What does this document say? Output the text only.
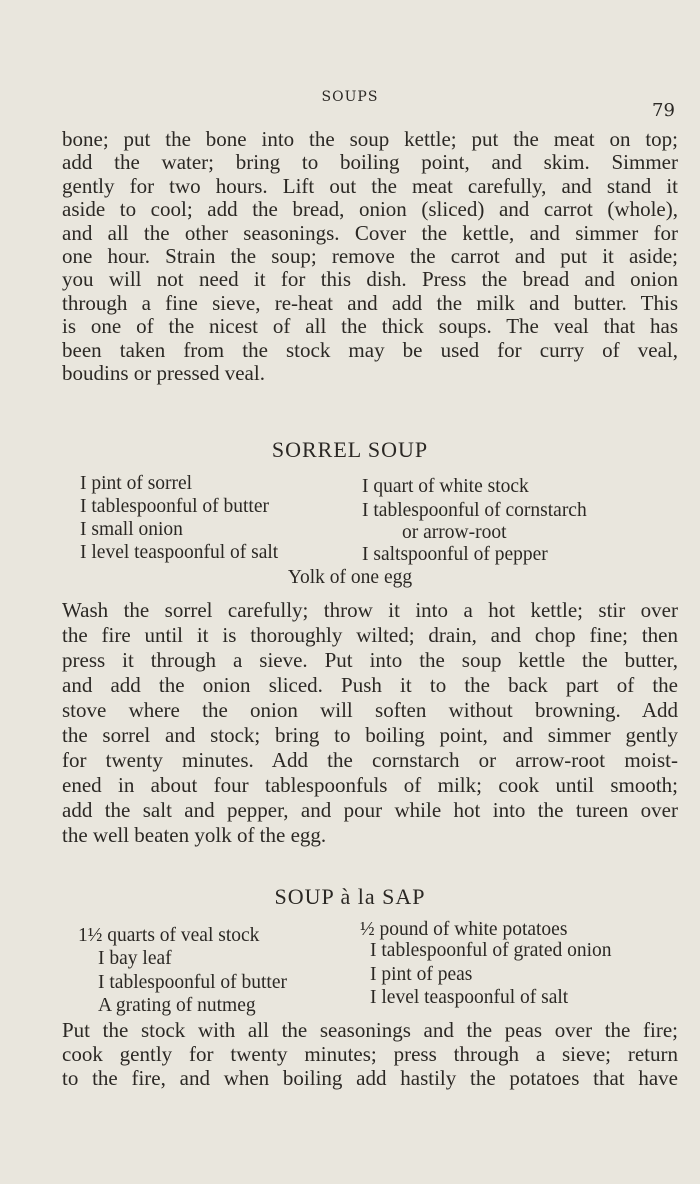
SOUPS
79
bone; put the bone into the soup kettle; put the meat on top;
add the water; bring to boiling point, and skim. Simmer
gently for two hours. Lift out the meat carefully, and stand it
aside to cool; add the bread, onion (sliced) and carrot (whole),
and all the other seasonings. Cover the kettle, and simmer for
one hour. Strain the soup; remove the carrot and put it aside;
you will not need it for this dish. Press the bread and onion
through a fine sieve, re-heat and add the milk and butter. This
is one of the nicest of all the thick soups. The veal that has
been taken from the stock may be used for curry of veal,
boudins or pressed veal.
SORREL SOUP
I pint of sorrel
I tablespoonful of butter
I small onion
I level teaspoonful of salt
I quart of white stock
I tablespoonful of cornstarch
or arrow-root
I saltspoonful of pepper
Yolk of one egg
Wash the sorrel carefully; throw it into a hot kettle; stir over
the fire until it is thoroughly wilted; drain, and chop fine; then
press it through a sieve. Put into the soup kettle the butter,
and add the onion sliced. Push it to the back part of the
stove where the onion will soften without browning. Add
the sorrel and stock; bring to boiling point, and simmer gently
for twenty minutes. Add the cornstarch or arrow-root moist-
ened in about four tablespoonfuls of milk; cook until smooth;
add the salt and pepper, and pour while hot into the tureen over
the well beaten yolk of the egg.
SOUP à la SAP
1½ quarts of veal stock
I bay leaf
I tablespoonful of butter
A grating of nutmeg
½ pound of white potatoes
I tablespoonful of grated onion
I pint of peas
I level teaspoonful of salt
Put the stock with all the seasonings and the peas over the fire;
cook gently for twenty minutes; press through a sieve; return
to the fire, and when boiling add hastily the potatoes that have
